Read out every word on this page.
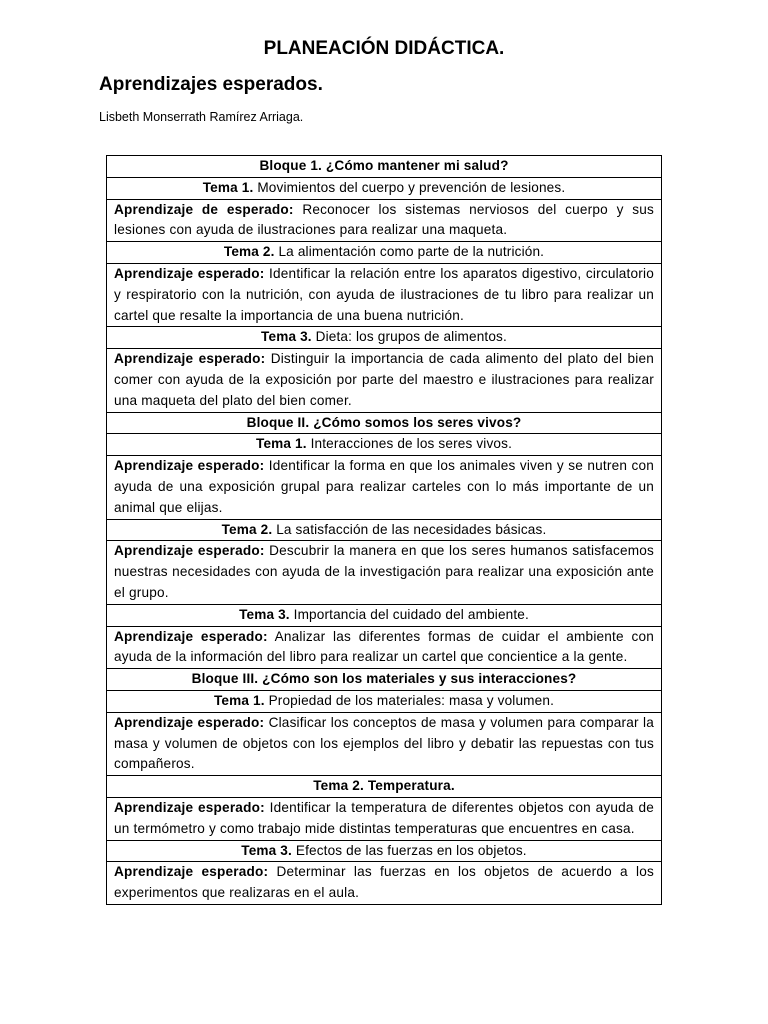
PLANEACIÓN DIDÁCTICA.
Aprendizajes esperados.

Lisbeth Monserrath Ramírez Arriaga.

Bloque 1. ¿Cómo mantener mi salud?
Tema 1. Movimientos del cuerpo y prevención de lesiones.
Aprendizaje de esperado: Reconocer los sistemas nerviosos del cuerpo y sus lesiones con ayuda de ilustraciones para realizar una maqueta.
Tema 2. La alimentación como parte de la nutrición.
Aprendizaje esperado: Identificar la relación entre los aparatos digestivo, circulatorio y respiratorio con la nutrición, con ayuda de ilustraciones de tu libro para realizar un cartel que resalte la importancia de una buena nutrición.
Tema 3. Dieta: los grupos de alimentos.
Aprendizaje esperado: Distinguir la importancia de cada alimento del plato del bien comer con ayuda de la exposición por parte del maestro e ilustraciones para realizar una maqueta del plato del bien comer.
Bloque II. ¿Cómo somos los seres vivos?
Tema 1. Interacciones de los seres vivos.
Aprendizaje esperado: Identificar la forma en que los animales viven y se nutren con ayuda de una exposición grupal para realizar carteles con lo más importante de un animal que elijas.
Tema 2. La satisfacción de las necesidades básicas.
Aprendizaje esperado: Descubrir la manera en que los seres humanos satisfacemos nuestras necesidades con ayuda de la investigación para realizar una exposición ante el grupo.
Tema 3. Importancia del cuidado del ambiente.
Aprendizaje esperado: Analizar las diferentes formas de cuidar el ambiente con ayuda de la información del libro para realizar un cartel que concientice a la gente.
Bloque III. ¿Cómo son los materiales y sus interacciones?
Tema 1. Propiedad de los materiales: masa y volumen.
Aprendizaje esperado: Clasificar los conceptos de masa y volumen para comparar la masa y volumen de objetos con los ejemplos del libro y debatir las repuestas con tus compañeros.
Tema 2. Temperatura.
Aprendizaje esperado: Identificar la temperatura de diferentes objetos con ayuda de un termómetro y como trabajo mide distintas temperaturas que encuentres en casa.
Tema 3. Efectos de las fuerzas en los objetos.
Aprendizaje esperado: Determinar las fuerzas en los objetos de acuerdo a los experimentos que realizaras en el aula.
